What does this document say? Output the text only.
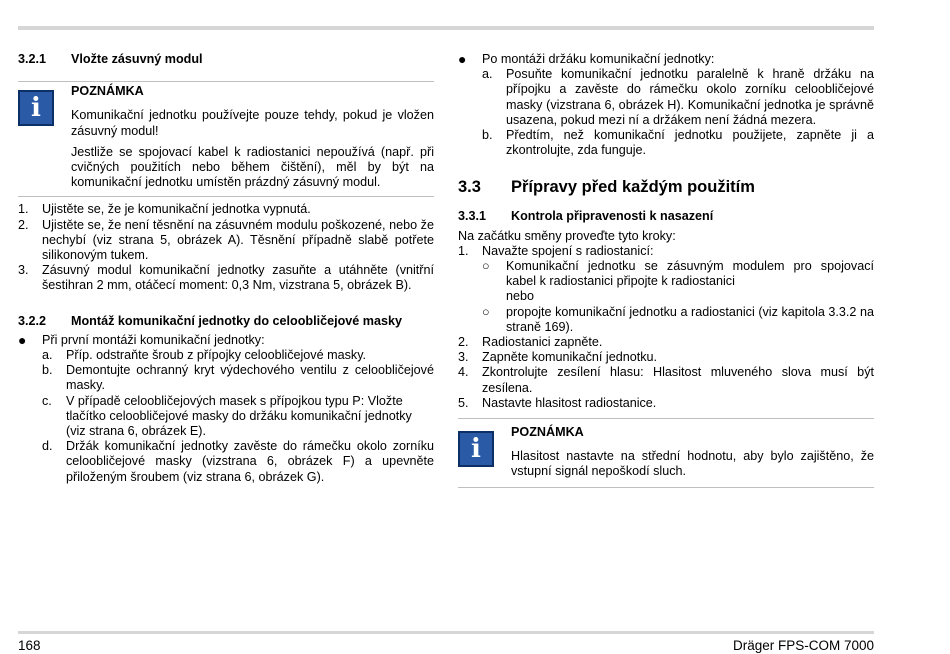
3.2.1	Vložte zásuvný modul
i
POZNÁMKA
Komunikační jednotku používejte pouze tehdy, pokud je vložen zásuvný modul!
Jestliže se spojovací kabel k radiostanici nepoužívá (např. při cvičných použitích nebo během čištění), měl by být na komunikační jednotku umístěn prázdný zásuvný modul.
1.	Ujistěte se, že je komunikační jednotka vypnutá.
2.	Ujistěte se, že není těsnění na zásuvném modulu poškozené, nebo že nechybí (viz strana 5, obrázek A). Těsnění případně slabě potřete silikonovým tukem.
3.	Zásuvný modul komunikační jednotky zasuňte a utáhněte (vnitřní šestihran 2 mm, otáčecí moment: 0,3 Nm, vizstrana 5, obrázek B).
3.2.2	Montáž komunikační jednotky do celoobličejové masky
●	Při první montáži komunikační jednotky:
a.	Příp. odstraňte šroub z přípojky celoobličejové masky.
b.	Demontujte ochranný kryt výdechového ventilu z celoobličejové masky.
c.	V případě celoobličejových masek s přípojkou typu P: Vložte tlačítko celoobličejové masky do držáku komunikační jednotky (viz strana 6, obrázek E).
d.	Držák komunikační jednotky zavěste do rámečku okolo zorníku celoobličejové masky (vizstrana 6, obrázek F) a upevněte přiloženým šroubem (viz strana 6, obrázek G).
●	Po montáži držáku komunikační jednotky:
a.	Posuňte komunikační jednotku paralelně k hraně držáku na přípojku a zavěste do rámečku okolo zorníku celoobličejové masky (vizstrana 6, obrázek H). Komunikační jednotka je správně usazena, pokud mezi ní a držákem není žádná mezera.
b.	Předtím, než komunikační jednotku použijete, zapněte ji a zkontrolujte, zda funguje.
3.3	Přípravy před každým použitím
3.3.1	Kontrola připravenosti k nasazení
Na začátku směny proveďte tyto kroky:
1.	Navažte spojení s radiostanicí:
○	Komunikační jednotku se zásuvným modulem pro spojovací kabel k radiostanici připojte k radiostanici
nebo
○	propojte komunikační jednotku a radiostanici (viz kapitola 3.3.2 na straně 169).
2.	Radiostanici zapněte.
3.	Zapněte komunikační jednotku.
4.	Zkontrolujte zesílení hlasu: Hlasitost mluveného slova musí být zesílena.
5.	Nastavte hlasitost radiostanice.
i
POZNÁMKA
Hlasitost nastavte na střední hodnotu, aby bylo zajištěno, že vstupní signál nepoškodí sluch.
168	Dräger FPS-COM 7000
